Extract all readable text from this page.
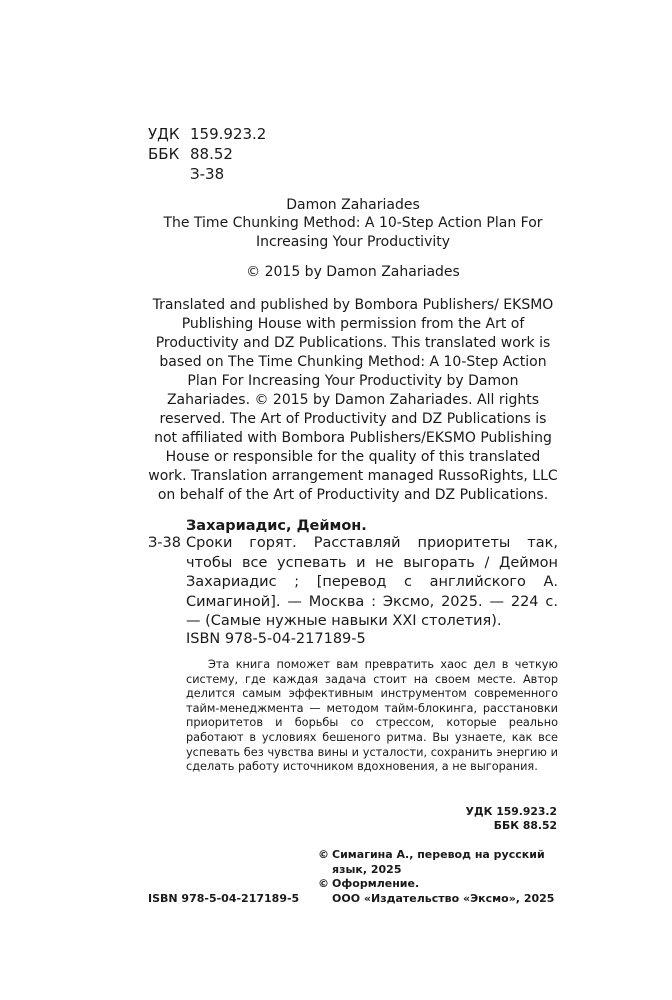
УДК 159.923.2
ББК 88.52
З-38
Damon Zahariades
The Time Chunking Method: A 10-Step Action Plan For
Increasing Your Productivity
© 2015 by Damon Zahariades
Translated and published by Bombora Publishers/ EKSMO Publishing House with permission from the Art of Productivity and DZ Publications. This translated work is based on The Time Chunking Method: A 10-Step Action Plan For Increasing Your Productivity by Damon Zahariades. © 2015 by Damon Zahariades. All rights reserved. The Art of Productivity and DZ Publications is not affiliated with Bombora Publishers/EKSMO Publishing House or responsible for the quality of this translated work. Translation arrangement managed RussoRights, LLC on behalf of the Art of Productivity and DZ Publications.
Захариадис, Деймон.
З-38 Сроки горят. Расставляй приоритеты так, чтобы все успевать и не выгорать / Деймон Захариадис ; [перевод с английского А. Симагиной]. — Москва : Эксмо, 2025. — 224 с. — (Самые нужные навыки XXI столетия).
ISBN 978-5-04-217189-5
Эта книга поможет вам превратить хаос дел в четкую систему, где каждая задача стоит на своем месте. Автор делится самым эффективным инструментом современного тайм-менеджмента — методом тайм-блокинга, расстановки приоритетов и борьбы со стрессом, которые реально работают в условиях бешеного ритма. Вы узнаете, как все успевать без чувства вины и усталости, сохранить энергию и сделать работу источником вдохновения, а не выгорания.
УДК 159.923.2
ББК 88.52
© Симагина А., перевод на русский язык, 2025
© Оформление.
ООО «Издательство «Эксмо», 2025
ISBN 978-5-04-217189-5
